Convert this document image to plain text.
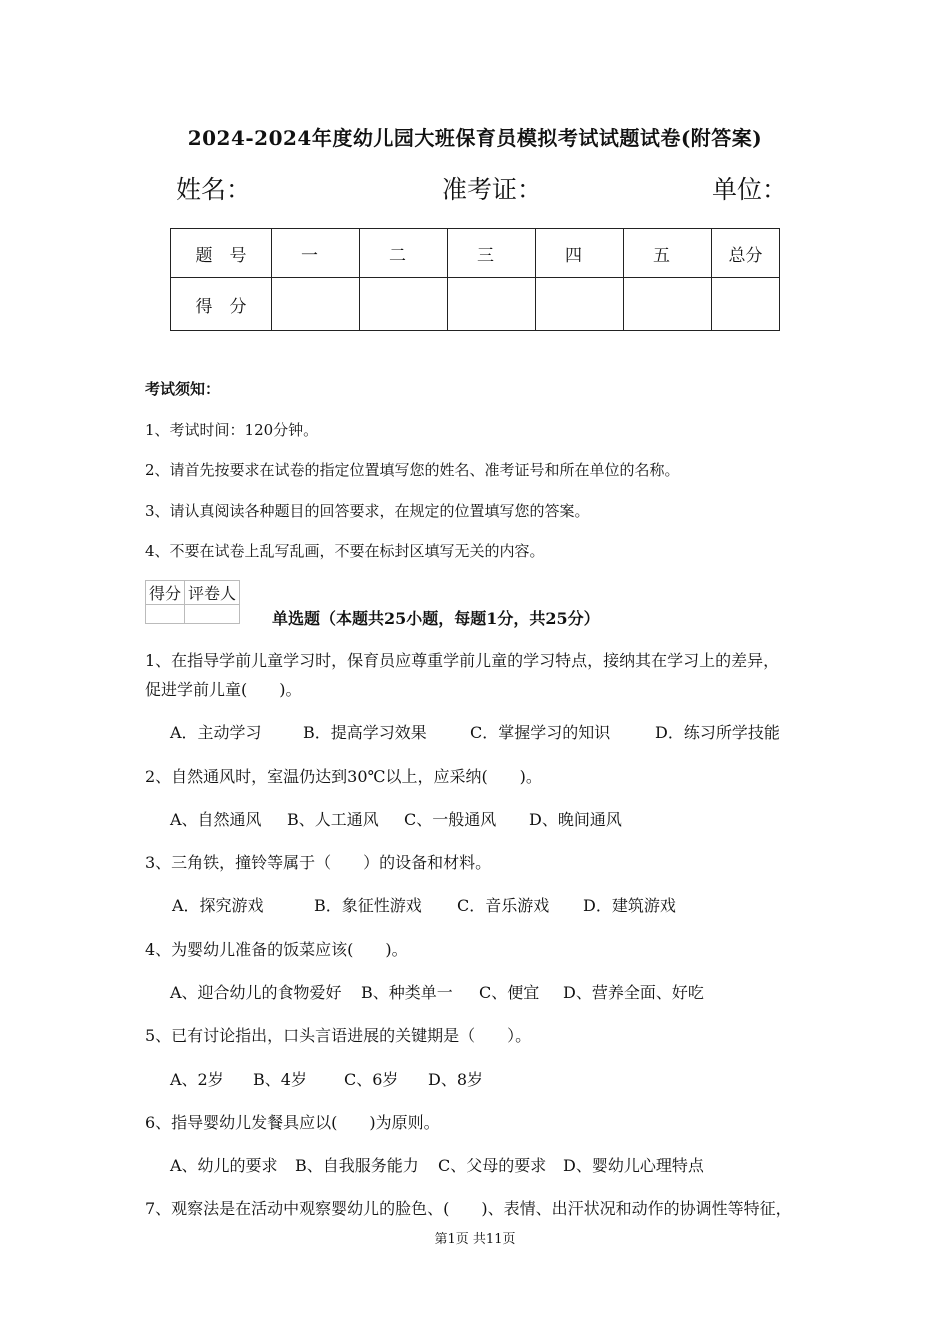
2024-2024年度幼儿园大班保育员模拟考试试题试卷(附答案)
姓名：	准考证：	单位：
题　号	一	二	三	四	五	总分
得　分						
考试须知：
1、考试时间：120分钟。
2、请首先按要求在试卷的指定位置填写您的姓名、准考证号和所在单位的名称。
3、请认真阅读各种题目的回答要求，在规定的位置填写您的答案。
4、不要在试卷上乱写乱画，不要在标封区填写无关的内容。
得分	评卷人

单选题（本题共25小题，每题1分，共25分）
1、在指导学前儿童学习时，保育员应尊重学前儿童的学习特点，接纳其在学习上的差异，
促进学前儿童(　　)。
A．主动学习	B．提高学习效果	C．掌握学习的知识	D．练习所学技能
2、自然通风时，室温仍达到30℃以上，应采纳(　　)。
A、自然通风 B、人工通风 C、一般通风 D、晚间通风
3、三角铁，撞铃等属于（　　）的设备和材料。
A．探究游戏	B．象征性游戏 C．音乐游戏 D．建筑游戏
4、为婴幼儿准备的饭菜应该(　　)。
A、迎合幼儿的食物爱好 B、种类单一 C、便宜 D、营养全面、好吃
5、已有讨论指出，口头言语进展的关键期是（　　）。
A、2岁 B、4岁 C、6岁 D、8岁
6、指导婴幼儿发餐具应以(　　)为原则。
A、幼儿的要求 B、自我服务能力 C、父母的要求 D、婴幼儿心理特点
7、观察法是在活动中观察婴幼儿的脸色、(　　)、表情、出汗状况和动作的协调性等特征，
第1页 共11页
